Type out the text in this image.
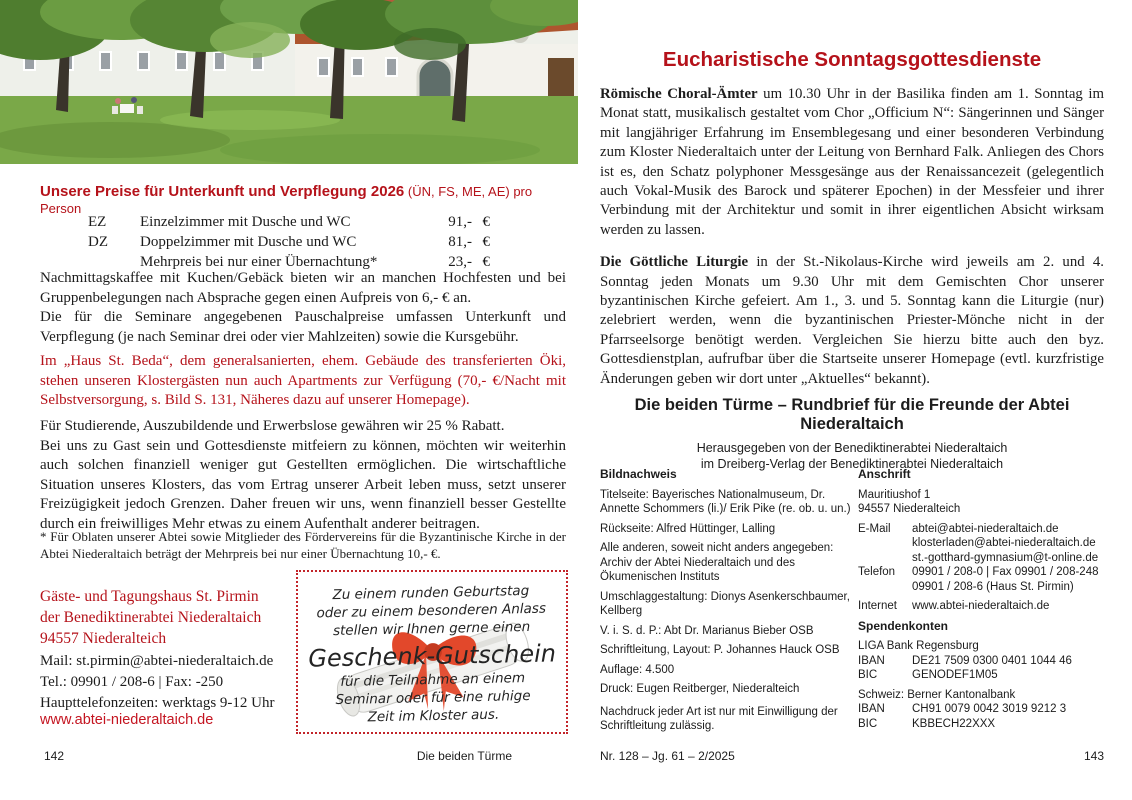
Unsere Preise für Unterkunft und Verpflegung 2026 (ÜN, FS, ME, AE) pro Person
EZ	Einzelzimmer mit Dusche und WC	91,- €
DZ	Doppelzimmer mit Dusche und WC	81,- €
Mehrpreis bei nur einer Übernachtung*	23,- €

Nachmittagskaffee mit Kuchen/Gebäck bieten wir an manchen Hochfesten und bei Gruppenbelegungen nach Absprache gegen einen Aufpreis von 6,- € an.

Die für die Seminare angegebenen Pauschalpreise umfassen Unterkunft und Verpflegung (je nach Seminar drei oder vier Mahlzeiten) sowie die Kursgebühr.

Im „Haus St. Beda“, dem generalsanierten, ehem. Gebäude des transferierten Öki, stehen unseren Klostergästen nun auch Apartments zur Verfügung (70,- €/Nacht mit Selbstversorgung, s. Bild S. 131, Näheres dazu auf unserer Homepage).

Für Studierende, Auszubildende und Erwerbslose gewähren wir 25 % Rabatt.

Bei uns zu Gast sein und Gottesdienste mitfeiern zu können, möchten wir weiterhin auch solchen finanziell weniger gut Gestellten ermöglichen. Die wirtschaftliche Situation unseres Klosters, das vom Ertrag unserer Arbeit leben muss, setzt unserer Freizügigkeit jedoch Grenzen. Daher freuen wir uns, wenn finanziell besser Gestellte durch ein freiwilliges Mehr etwas zu einem Aufenthalt anderer beitragen.

* Für Oblaten unserer Abtei sowie Mitglieder des Fördervereins für die Byzantinische Kirche in der Abtei Niederaltaich beträgt der Mehrpreis bei nur einer Übernachtung 10,- €.
Gäste- und Tagungshaus St. Pirmin
der Benediktinerabtei Niederaltaich
94557 Niederalteich
Mail: st.pirmin@abtei-niederaltaich.de
Tel.: 09901 / 208-6 | Fax: -250
Haupttelefonzeiten: werktags 9-12 Uhr
www.abtei-niederaltaich.de
Zu einem runden Geburtstag
oder zu einem besonderen Anlass
stellen wir Ihnen gerne einen
Geschenk-Gutschein
für die Teilnahme an einem
Seminar oder für eine ruhige
Zeit im Kloster aus.
142	Die beiden Türme	Nr. 128 – Jg. 61 – 2/2025	143
Eucharistische Sonntagsgottesdienste

Römische Choral-Ämter um 10.30 Uhr in der Basilika finden am 1. Sonntag im Monat statt, musikalisch gestaltet vom Chor „Officium N“: Sängerinnen und Sänger mit langjähriger Erfahrung im Ensemblegesang und einer besonderen Verbindung zum Kloster Niederaltaich unter der Leitung von Bernhard Falk. Anliegen des Chors ist es, den Schatz polyphoner Messgesänge aus der Renaissancezeit (gelegentlich auch Vokal-Musik des Barock und späterer Epochen) in der Messfeier und ihrer Verbindung mit der Architektur und somit in ihrer eigentlichen Absicht wirksam werden zu lassen.

Die Göttliche Liturgie in der St.-Nikolaus-Kirche wird jeweils am 2. und 4. Sonntag jeden Monats um 9.30 Uhr mit dem Gemischten Chor unserer byzantinischen Kirche gefeiert. Am 1., 3. und 5. Sonntag kann die Liturgie (nur) zelebriert werden, wenn die byzantinischen Priester-Mönche nicht in der Pfarrseelsorge benötigt werden. Vergleichen Sie hierzu bitte auch den byz. Gottesdienstplan, aufrufbar über die Startseite unserer Homepage (evtl. kurzfristige Änderungen geben wir dort unter „Aktuelles“ bekannt).

Die beiden Türme – Rundbrief für die Freunde der Abtei Niederaltaich
Herausgegeben von der Benediktinerabtei Niederaltaich
im Dreiberg-Verlag der Benediktinerabtei Niederaltaich
Bildnachweis
Titelseite: Bayerisches Nationalmuseum, Dr. Annette Schommers (li.)/ Erik Pike (re. ob. u. un.)
Rückseite: Alfred Hüttinger, Lalling
Alle anderen, soweit nicht anders angegeben: Archiv der Abtei Niederaltaich und des Ökumenischen Instituts
Umschlaggestaltung: Dionys Asenkerschbaumer, Kellberg
V. i. S. d. P.: Abt Dr. Marianus Bieber OSB
Schriftleitung, Layout: P. Johannes Hauck OSB
Auflage: 4.500
Druck: Eugen Reitberger, Niederalteich
Nachdruck jeder Art ist nur mit Einwilligung der Schriftleitung zulässig.
Anschrift
Mauritiushof 1
94557 Niederalteich
E-Mail	abtei@abtei-niederaltaich.de
klosterladen@abtei-niederaltaich.de
st.-gotthard-gymnasium@t-online.de
Telefon	09901 / 208-0 | Fax 09901 / 208-248
09901 / 208-6 (Haus St. Pirmin)
Internet	www.abtei-niederaltaich.de
Spendenkonten
LIGA Bank Regensburg
IBAN	DE21 7509 0300 0401 1044 46
BIC	GENODEF1M05
Schweiz: Berner Kantonalbank
IBAN	CH91 0079 0042 3019 9212 3
BIC	KBBECH22XXX
